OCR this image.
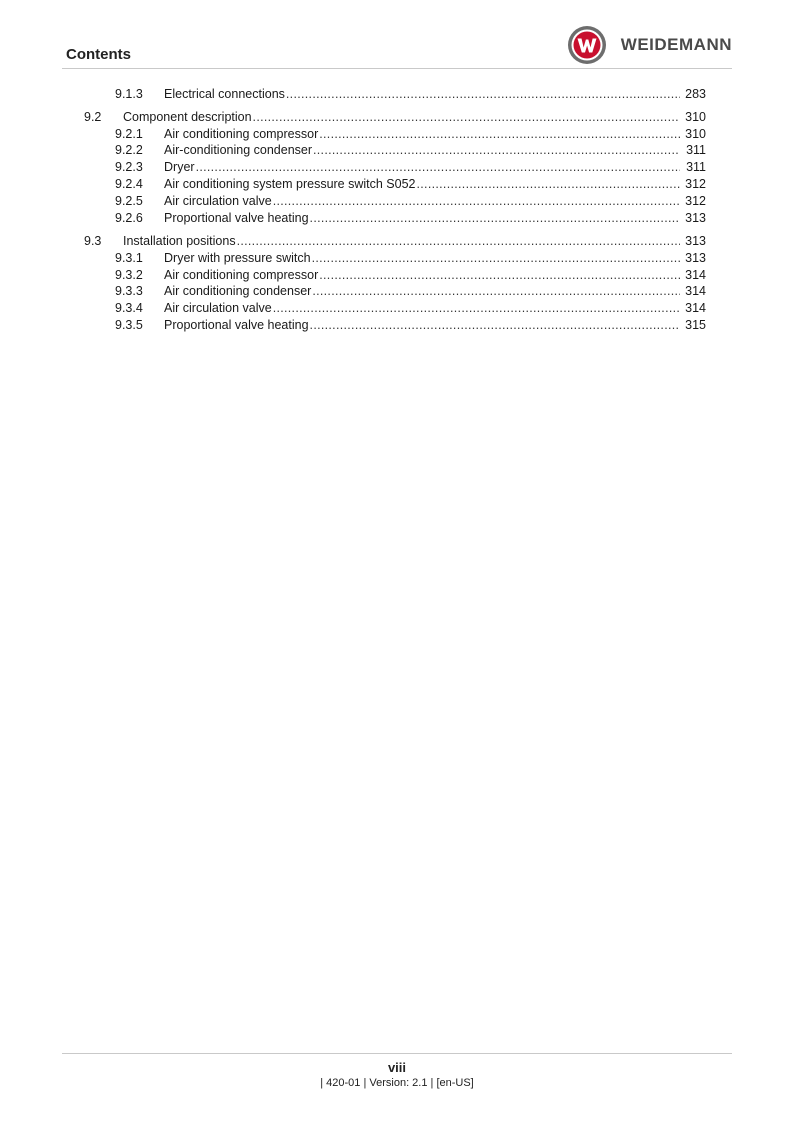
Contents
WEIDEMANN
9.1.3	Electrical connections .....	283
9.2	Component description .....	310
9.2.1	Air conditioning compressor .....	310
9.2.2	Air-conditioning condenser .....	311
9.2.3	Dryer .....	311
9.2.4	Air conditioning system pressure switch S052 .....	312
9.2.5	Air circulation valve .....	312
9.2.6	Proportional valve heating .....	313
9.3	Installation positions .....	313
9.3.1	Dryer with pressure switch .....	313
9.3.2	Air conditioning compressor .....	314
9.3.3	Air conditioning condenser .....	314
9.3.4	Air circulation valve .....	314
9.3.5	Proportional valve heating .....	315
viii
| 420-01 | Version: 2.1 | [en-US]
